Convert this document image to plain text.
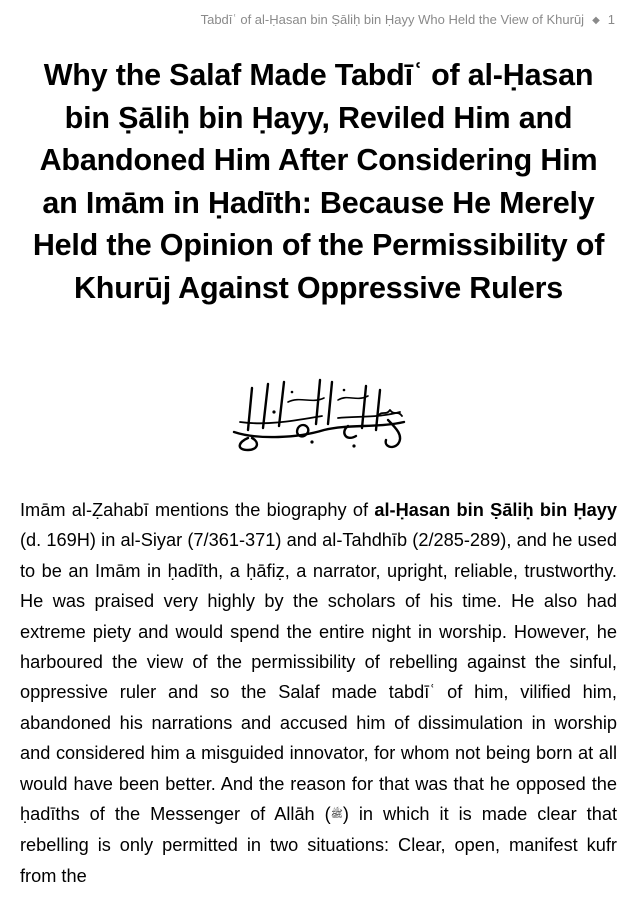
Tabdīʿ of al-Ḥasan bin Ṣāliḥ bin Ḥayy Who Held the View of Khurūj ◆ 1
Why the Salaf Made Tabdīʿ of al-Ḥasan bin Ṣāliḥ bin Ḥayy, Reviled Him and Abandoned Him After Considering Him an Imām in Ḥadīth: Because He Merely Held the Opinion of the Permissibility of Khurūj Against Oppressive Rulers

Imām al-Ẓahabī mentions the biography of al-Ḥasan bin Ṣāliḥ bin Ḥayy (d. 169H) in al-Siyar (7/361-371) and al-Tahdhīb (2/285-289), and he used to be an Imām in ḥadīth, a ḥāfiẓ, a narrator, upright, reliable, trustworthy. He was praised very highly by the scholars of his time. He also had extreme piety and would spend the entire night in worship. However, he harboured the view of the permissibility of rebelling against the sinful, oppressive ruler and so the Salaf made tabdīʿ of him, vilified him, abandoned his narrations and accused him of dissimulation in worship and considered him a misguided innovator, for whom not being born at all would have been better. And the reason for that was that he opposed the ḥadīths of the Messenger of Allāh (ﷺ) in which it is made clear that rebelling is only permitted in two situations: Clear, open, manifest kufr from the
